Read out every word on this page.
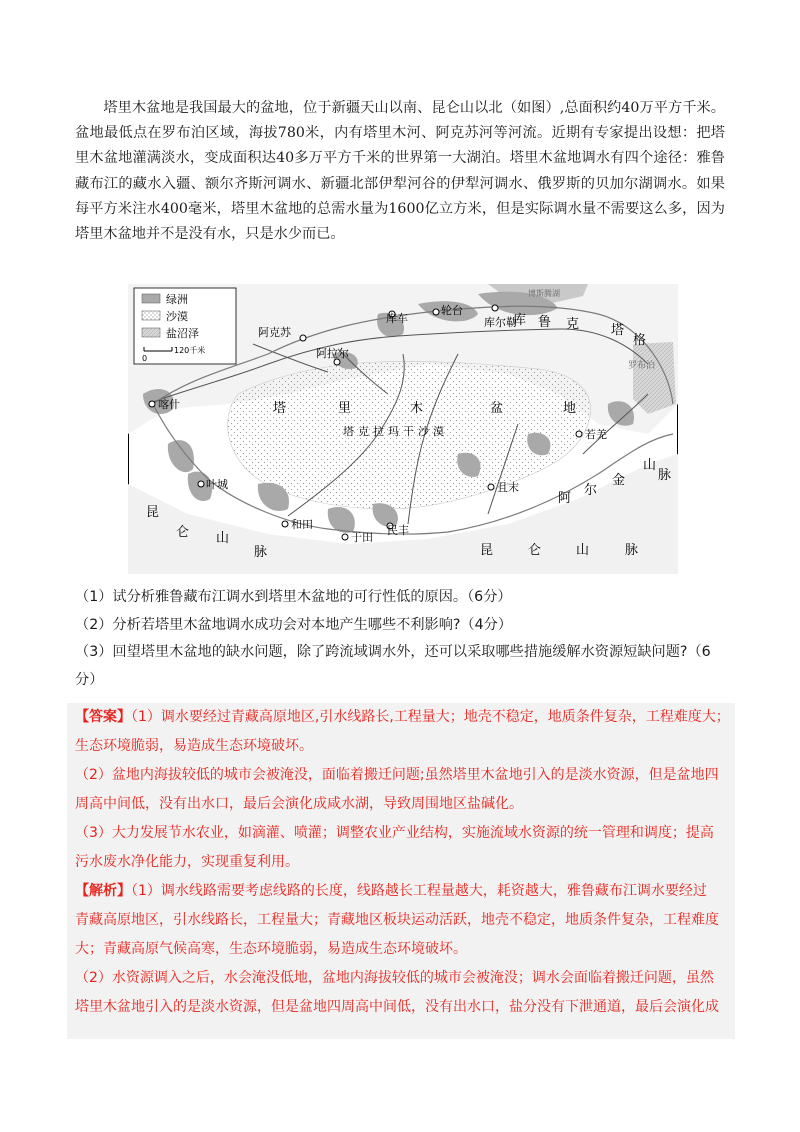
塔里木盆地是我国最大的盆地，位于新疆天山以南、昆仑山以北（如图）,总面积约40万平方千米。盆地最低点在罗布泊区域，海拔780米，内有塔里木河、阿克苏河等河流。近期有专家提出设想：把塔里木盆地灌满淡水，变成面积达40多万平方千米的世界第一大湖泊。塔里木盆地调水有四个途径：雅鲁藏布江的藏水入疆、额尔齐斯河调水、新疆北部伊犁河谷的伊犁河调水、俄罗斯的贝加尔湖调水。如果每平方米注水400毫米，塔里木盆地的总需水量为1600亿立方米，但是实际调水量不需要这么多，因为塔里木盆地并不是没有水，只是水少而已。

绿洲
沙漠
盐沼泽
0
120千米
喀什
阿克苏
阿拉尔
库车
轮台
库尔勒
若羌
且末
民丰
于田
和田
叶城
塔	里	木	盆	地
塔克拉玛干沙漠
库 鲁 克 塔
格
罗布泊
博斯腾湖
阿
尔
金
山
脉
昆	仑	山	脉
昆
仑 山
脉
（1）试分析雅鲁藏布江调水到塔里木盆地的可行性低的原因。（6分）
（2）分析若塔里木盆地调水成功会对本地产生哪些不利影响?（4分）
（3）回望塔里木盆地的缺水问题，除了跨流域调水外，还可以采取哪些措施缓解水资源短缺问题?（6
分）
【答案】（1）调水要经过青藏高原地区,引水线路长,工程量大；地壳不稳定，地质条件复杂，工程难度大；
生态环境脆弱，易造成生态环境破坏。
（2）盆地内海拔较低的城市会被淹没，面临着搬迁问题;虽然塔里木盆地引入的是淡水资源，但是盆地四
周高中间低，没有出水口，最后会演化成咸水湖，导致周围地区盐碱化。
（3）大力发展节水农业，如滴灌、喷灌；调整农业产业结构，实施流域水资源的统一管理和调度；提高
污水废水净化能力，实现重复利用。
【解析】（1）调水线路需要考虑线路的长度，线路越长工程量越大，耗资越大，雅鲁藏布江调水要经过
青藏高原地区，引水线路长，工程量大；青藏地区板块运动活跃，地壳不稳定，地质条件复杂，工程难度
大；青藏高原气候高寒，生态环境脆弱，易造成生态环境破坏。
（2）水资源调入之后，水会淹没低地，盆地内海拔较低的城市会被淹没；调水会面临着搬迁问题，虽然
塔里木盆地引入的是淡水资源，但是盆地四周高中间低，没有出水口，盐分没有下泄通道，最后会演化成
